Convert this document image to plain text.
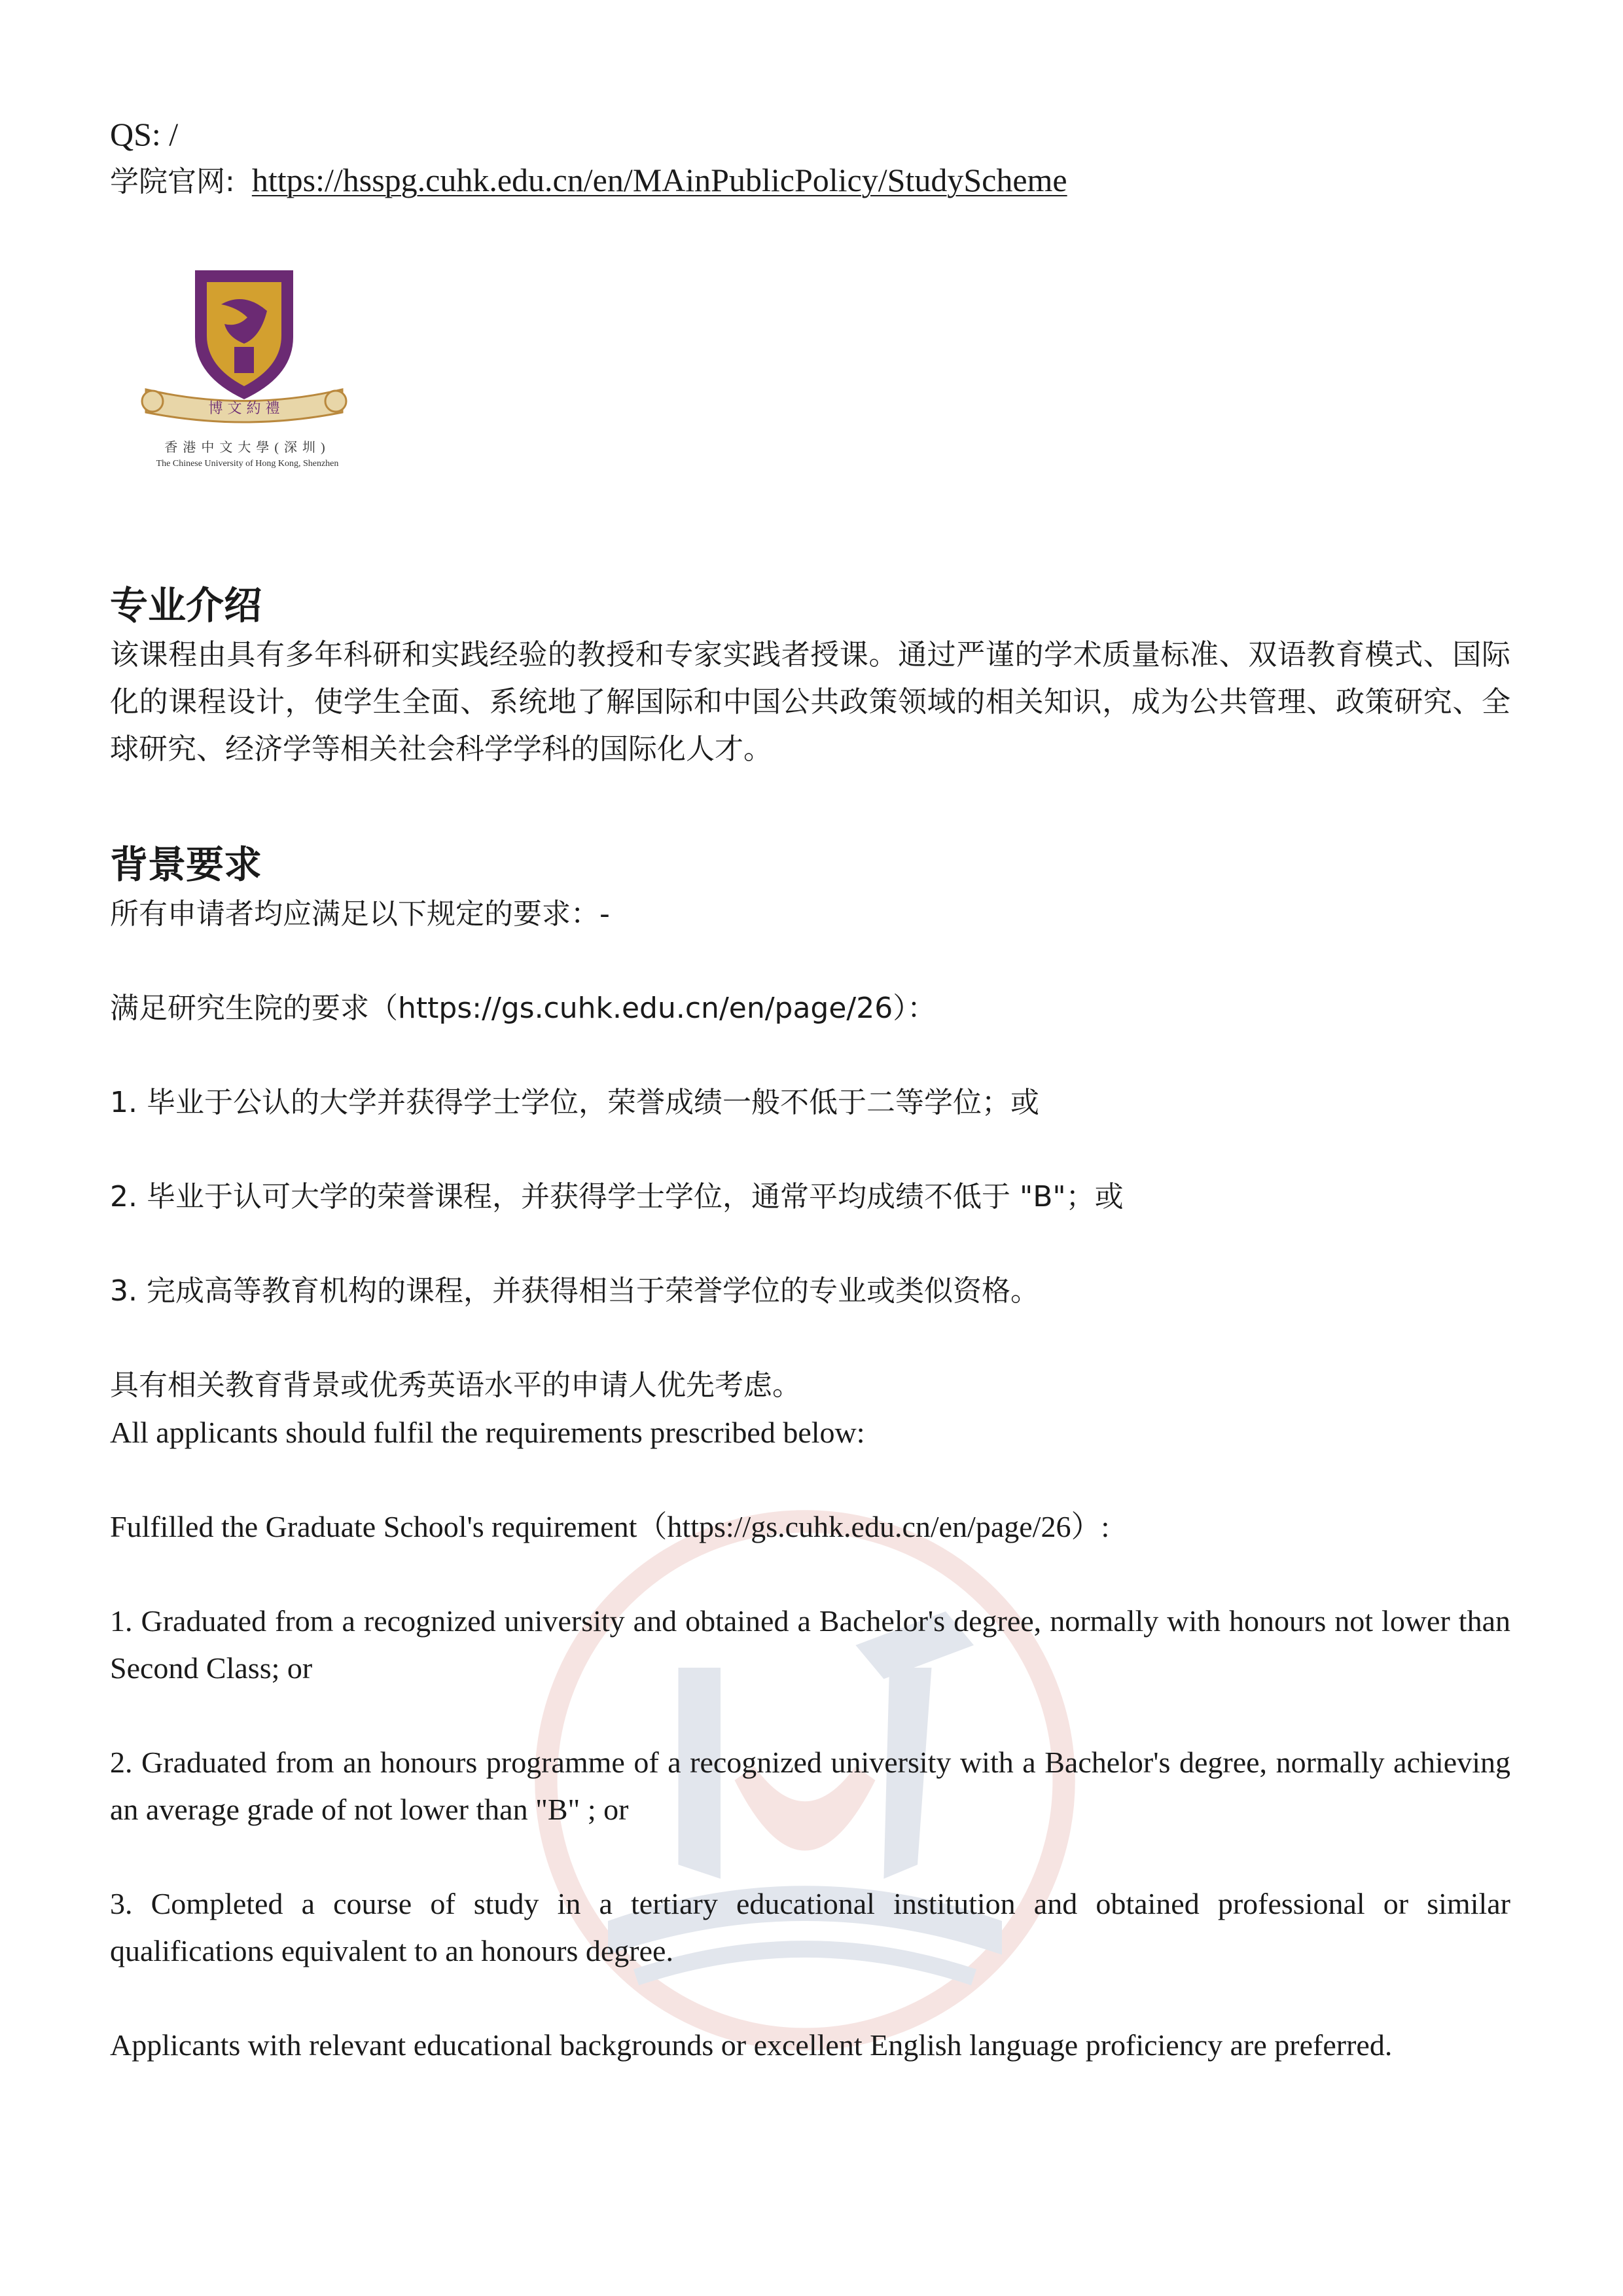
QS: /

学院官网: https://hsspg.cuhk.edu.cn/en/MAinPublicPolicy/StudyScheme

博 文 約 禮
香港中文大學(深圳)
The Chinese University of Hong Kong, Shenzhen
专业介绍

该课程由具有多年科研和实践经验的教授和专家实践者授课。通过严谨的学术质量标准、双语教育模式、国际化的课程设计，使学生全面、系统地了解国际和中国公共政策领域的相关知识，成为公共管理、政策研究、全球研究、经济学等相关社会科学学科的国际化人才。

背景要求

所有申请者均应满足以下规定的要求：-

满足研究生院的要求（https://gs.cuhk.edu.cn/en/page/26）：

1. 毕业于公认的大学并获得学士学位，荣誉成绩一般不低于二等学位；或

2. 毕业于认可大学的荣誉课程，并获得学士学位，通常平均成绩不低于 "B"；或

3. 完成高等教育机构的课程，并获得相当于荣誉学位的专业或类似资格。

具有相关教育背景或优秀英语水平的申请人优先考虑。

All applicants should fulfil the requirements prescribed below:

Fulfilled the Graduate School's requirement（https://gs.cuhk.edu.cn/en/page/26）:

1. Graduated from a recognized university and obtained a Bachelor's degree, normally with honours not lower than Second Class; or

2. Graduated from an honours programme of a recognized university with a Bachelor's degree, normally achieving an average grade of not lower than "B" ; or

3. Completed a course of study in a tertiary educational institution and obtained professional or similar qualifications equivalent to an honours degree.

Applicants with relevant educational backgrounds or excellent English language proficiency are preferred.
